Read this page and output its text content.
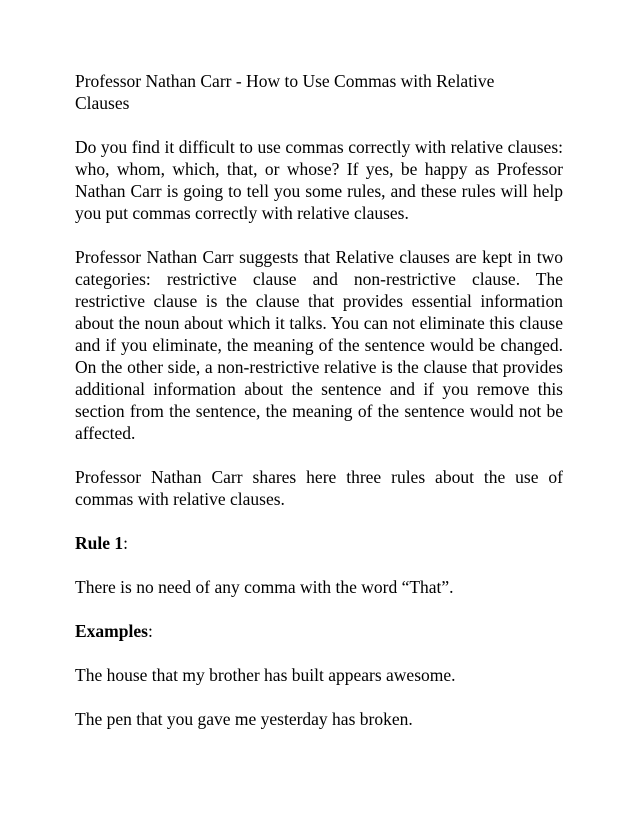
Professor Nathan Carr - How to Use Commas with Relative Clauses

Do you find it difficult to use commas correctly with relative clauses: who, whom, which, that, or whose? If yes, be happy as Professor Nathan Carr is going to tell you some rules, and these rules will help you put commas correctly with relative clauses.

Professor Nathan Carr suggests that Relative clauses are kept in two categories: restrictive clause and non-restrictive clause. The restrictive clause is the clause that provides essential information about the noun about which it talks. You can not eliminate this clause and if you eliminate, the meaning of the sentence would be changed. On the other side, a non-restrictive relative is the clause that provides additional information about the sentence and if you remove this section from the sentence, the meaning of the sentence would not be affected.

Professor Nathan Carr shares here three rules about the use of commas with relative clauses.

Rule 1:

There is no need of any comma with the word “That”.

Examples:

The house that my brother has built appears awesome.

The pen that you gave me yesterday has broken.
